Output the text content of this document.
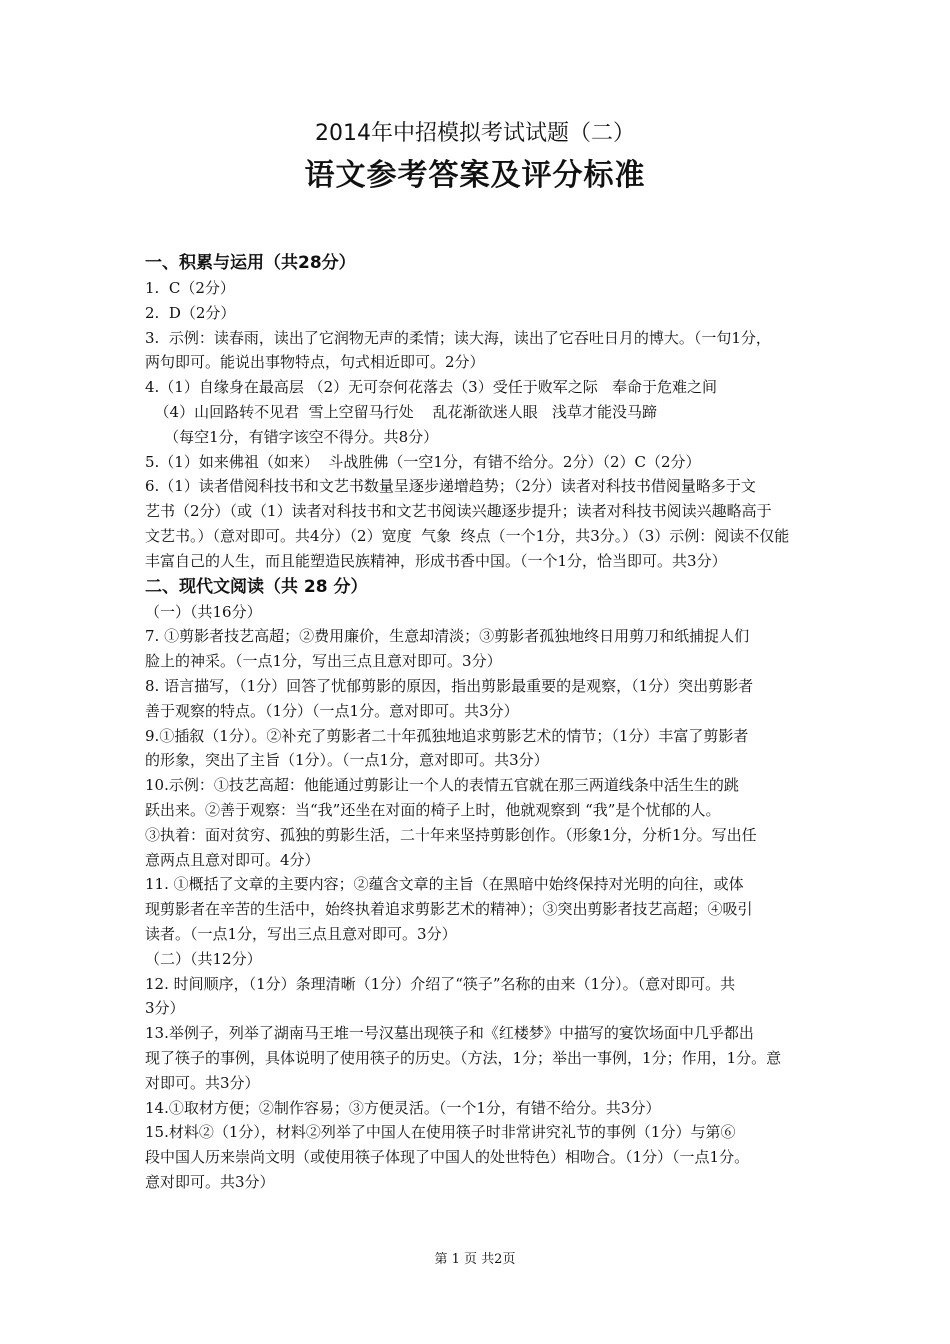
2014年中招模拟考试试题（二）
语文参考答案及评分标准
一、积累与运用（共28分）
1.  C（2分）
2.  D（2分）
3.  示例：读春雨，读出了它润物无声的柔情；读大海，读出了它吞吐日月的博大。（一句1分，
两句即可。能说出事物特点，句式相近即可。2分）
4.（1）自缘身在最高层 （2）无可奈何花落去（3）受任于败军之际   奉命于危难之间
（4）山回路转不见君  雪上空留马行处    乱花渐欲迷人眼   浅草才能没马蹄
（每空1分，有错字该空不得分。共8分）
5.（1）如来佛祖（如来）  斗战胜佛（一空1分，有错不给分。2分）（2）C（2分）
6.（1）读者借阅科技书和文艺书数量呈逐步递增趋势；（2分）读者对科技书借阅量略多于文
艺书（2分）（或（1）读者对科技书和文艺书阅读兴趣逐步提升；读者对科技书阅读兴趣略高于
文艺书。）（意对即可。共4分）（2）宽度  气象  终点（一个1分，共3分。）（3）示例：阅读不仅能
丰富自己的人生，而且能塑造民族精神，形成书香中国。（一个1分，恰当即可。共3分）
二、现代文阅读（共 28 分）
（一）（共16分）
7. ①剪影者技艺高超；②费用廉价，生意却清淡；③剪影者孤独地终日用剪刀和纸捕捉人们
脸上的神采。（一点1分，写出三点且意对即可。3分）
8. 语言描写，（1分）回答了忧郁剪影的原因，指出剪影最重要的是观察，（1分）突出剪影者
善于观察的特点。（1分）（一点1分。意对即可。共3分）
9.①插叙（1分）。②补充了剪影者二十年孤独地追求剪影艺术的情节；（1分）丰富了剪影者
的形象，突出了主旨（1分）。（一点1分，意对即可。共3分）
10.示例：①技艺高超：他能通过剪影让一个人的表情五官就在那三两道线条中活生生的跳
跃出来。②善于观察：当“我”还坐在对面的椅子上时，他就观察到 “我”是个忧郁的人。
③执着：面对贫穷、孤独的剪影生活，二十年来坚持剪影创作。（形象1分，分析1分。写出任
意两点且意对即可。4分）
11. ①概括了文章的主要内容；②蕴含文章的主旨（在黑暗中始终保持对光明的向往，或体
现剪影者在辛苦的生活中，始终执着追求剪影艺术的精神）；③突出剪影者技艺高超；④吸引
读者。（一点1分，写出三点且意对即可。3分）
（二）（共12分）
12. 时间顺序，（1分）条理清晰（1分）介绍了“筷子”名称的由来（1分）。（意对即可。共
3分）
13.举例子，列举了湖南马王堆一号汉墓出现筷子和《红楼梦》中描写的宴饮场面中几乎都出
现了筷子的事例，具体说明了使用筷子的历史。（方法，1分；举出一事例，1分；作用，1分。意
对即可。共3分）
14.①取材方便；②制作容易；③方便灵活。（一个1分，有错不给分。共3分）
15.材料②（1分），材料②列举了中国人在使用筷子时非常讲究礼节的事例（1分）与第⑥
段中国人历来崇尚文明（或使用筷子体现了中国人的处世特色）相吻合。（1分）（一点1分。
意对即可。共3分）
第 1 页 共2页
